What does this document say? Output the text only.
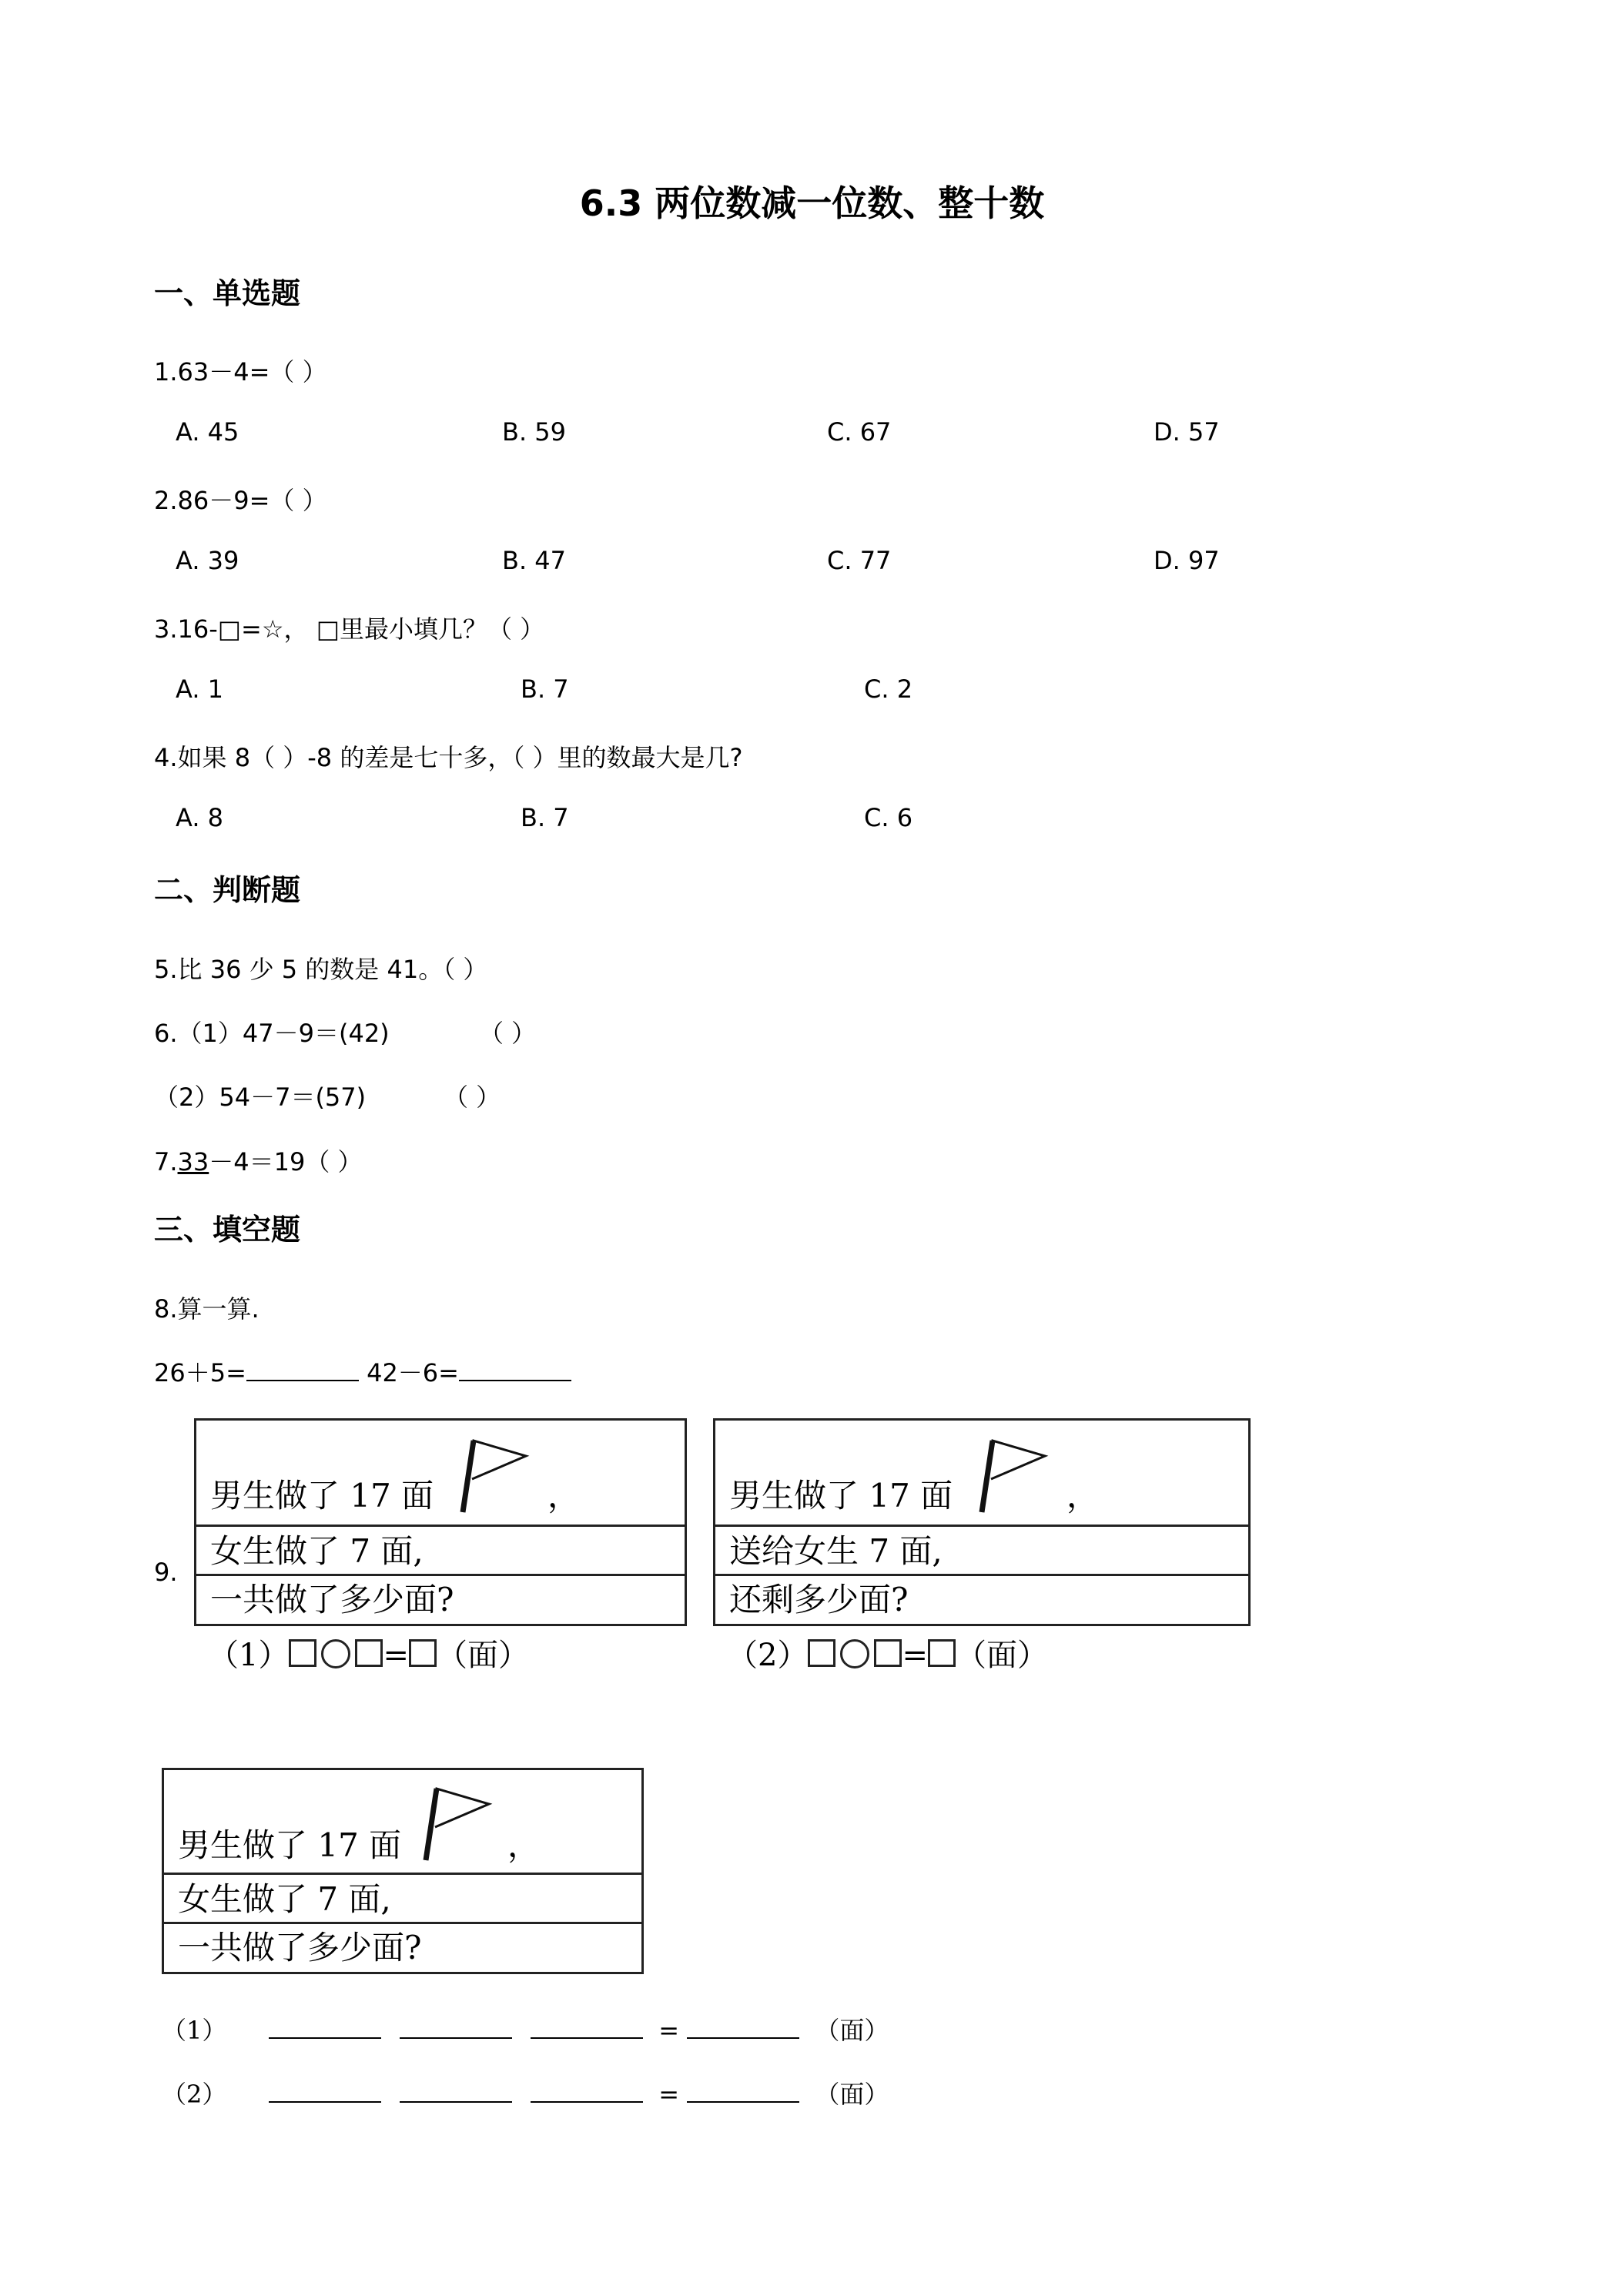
6.3 两位数减一位数、整十数
一、单选题
1.63－4=（ ）
A. 45	B. 59	C. 67	D. 57
2.86－9=（ ）
A. 39	B. 47	C. 77	D. 97
3.16-□=☆， □里最小填几？（ ）
A. 1	B. 7	C. 2
4.如果 8（ ）-8 的差是七十多，（ ）里的数最大是几?
A. 8	B. 7	C. 6
二、判断题
5.比 36 少 5 的数是 41。（ ）
6.（1）47－9＝(42)	（ ）
（2）54－7＝(57)	（ ）
7.33－4＝19（ ）
三、填空题
8.算一算.
26＋5=	42－6=
9.
男生做了 17 面	，
女生做了 7 面,
一共做了多少面?
（1）	= （面）
男生做了 17 面	，
送给女生 7 面,
还剩多少面?
（2）	= （面）
男生做了 17 面	，
女生做了 7 面,
一共做了多少面?
（1）	=	（面）
（2）	=	（面）
